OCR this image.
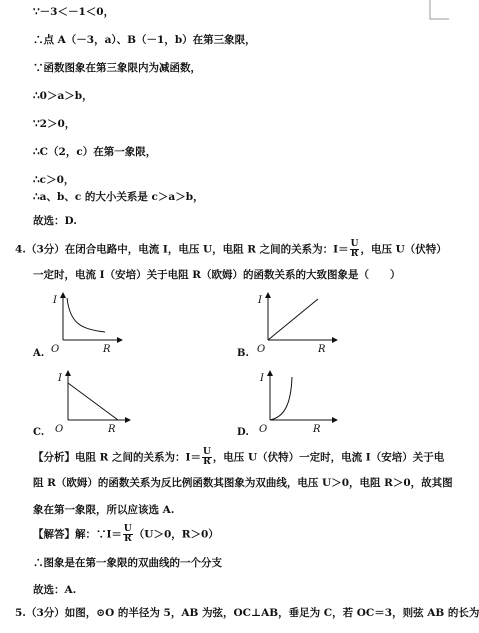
∵－3＜－1＜0，
∴点 A（－3，a）、B（－1，b）在第三象限，
∵函数图象在第三象限内为减函数，
∴0＞a＞b，
∵2＞0，
∴C（2，c）在第一象限，
∴c＞0，
∴a、b、c 的大小关系是 c＞a＞b，
故选：D.
4.（3分）在闭合电路中，电流 I，电压 U，电阻 R 之间的关系为：$I= \frac{U}{R}$ ，电压 U（伏特）
一定时，电流 I（安培）关于电阻 R（欧姆）的函数关系的大致图象是（　　）
I
R
O
A.
I
R
O
B.
I
R
O
C.
I
R
O
D.
【分析】电阻 R 之间的关系为：$I= \frac{U}{R}$ ，电压 U（伏特）一定时，电流 I（安培）关于电
阻 R（欧姆）的函数关系为反比例函数其图象为双曲线，电压 U＞0，电阻 R＞0，故其图
象在第一象限，所以应该选 A.
【解答】解：∵I＝ $\frac{U}{R} (U>0$，R＞0）
∴图象是在第一象限的双曲线的一个分支
故选：A.
5.（3分）如图，⊙O 的半径为 5，AB 为弦，OC⊥AB，垂足为 C，若 OC＝3，则弦 AB 的长为
